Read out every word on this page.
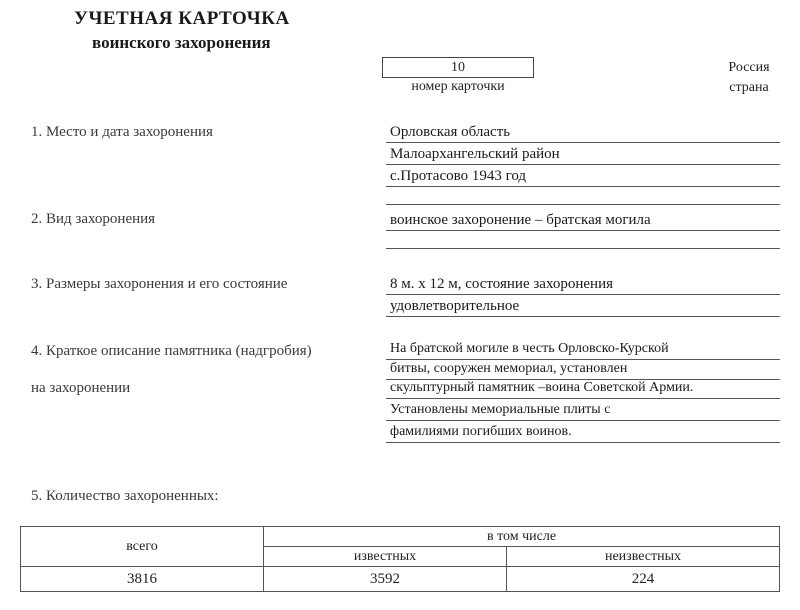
УЧЕТНАЯ КАРТОЧКА
воинского захоронения
10
номер карточки
Россия
страна
1. Место и дата захоронения	Орловская область
Малоархангельский район
с.Протасово 1943 год
2. Вид захоронения	воинское захоронение – братская могила
3. Размеры захоронения и его состояние	8 м. х 12 м, состояние захоронения
удовлетворительное
4. Краткое описание памятника (надгробия)
на захоронении
На братской могиле в честь Орловско-Курской
битвы, сооружен мемориал, установлен
скульптурный памятник –воина Советской Армии.
Установлены мемориальные плиты с
фамилиями погибших воинов.
5. Количество захороненных:
всего	в том числе	
	известных	неизвестных
3816	3592	224
